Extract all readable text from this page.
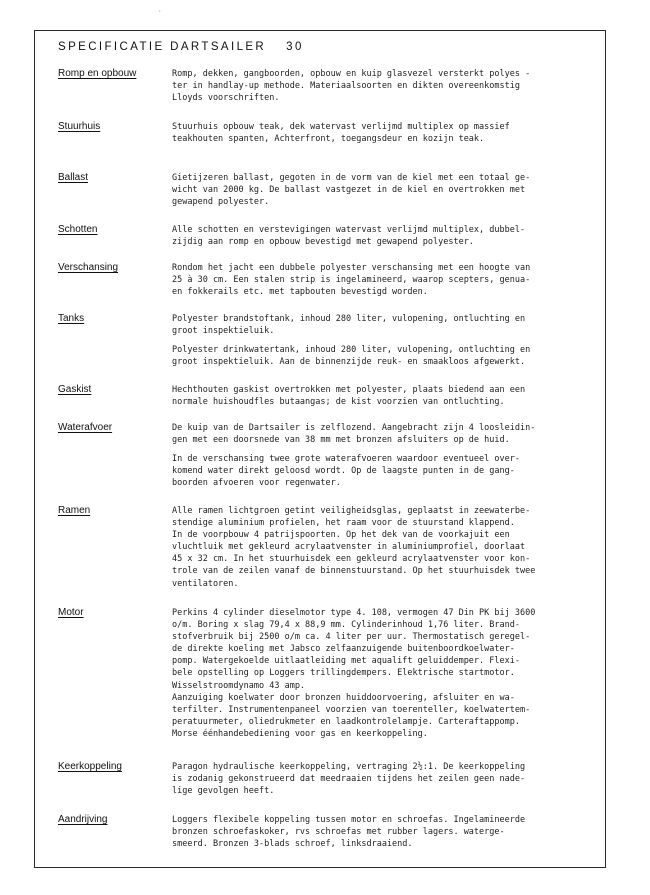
·
SPECIFICATIE DARTSAILER 30
Romp en opbouw	Romp, dekken, gangboorden, opbouw en kuip glasvezel versterkt polyes -
ter in handlay-up methode. Materiaalsoorten en dikten overeenkomstig
Lloyds voorschriften.
Stuurhuis	Stuurhuis opbouw teak, dek watervast verlijmd multiplex op massief
teakhouten spanten, Achterfront, toegangsdeur en kozijn teak.
Ballast	Gietijzeren ballast, gegoten in de vorm van de kiel met een totaal ge-
wicht van 2000 kg. De ballast vastgezet in de kiel en overtrokken met
gewapend polyester.
Schotten	Alle schotten en verstevigingen watervast verlijmd multiplex, dubbel-
zijdig aan romp en opbouw bevestigd met gewapend polyester.
Verschansing	Rondom het jacht een dubbele polyester verschansing met een hoogte van
25 à 30 cm. Een stalen strip is ingelamineerd, waarop scepters, genua-
en fokkerails etc. met tapbouten bevestigd worden.
Tanks	Polyester brandstoftank, inhoud 280 liter, vulopening, ontluchting en
groot inspektieluik.
Polyester drinkwatertank, inhoud 280 liter, vulopening, ontluchting en
groot inspektieluik. Aan de binnenzijde reuk- en smaakloos afgewerkt.
Gaskist	Hechthouten gaskist overtrokken met polyester, plaats biedend aan een
normale huishoudfles butaangas; de kist voorzien van ontluchting.
Waterafvoer	De kuip van de Dartsailer is zelflozend. Aangebracht zijn 4 loosleidin-
gen met een doorsnede van 38 mm met bronzen afsluiters op de huid.
In de verschansing twee grote waterafvoeren waardoor eventueel over-
komend water direkt geloosd wordt. Op de laagste punten in de gang-
boorden afvoeren voor regenwater.
Ramen	Alle ramen lichtgroen getint veiligheidsglas, geplaatst in zeewaterbe-
stendige aluminium profielen, het raam voor de stuurstand klappend.
In de voorpbouw 4 patrijspoorten. Op het dek van de voorkajuit een
vluchtluik met gekleurd acrylaatvenster in aluminiumprofiel, doorlaat
45 x 32 cm. In het stuurhuisdek een gekleurd acrylaatvenster voor kon-
trole van de zeilen vanaf de binnenstuurstand. Op het stuurhuisdek twee
ventilatoren.
Motor	Perkins 4 cylinder dieselmotor type 4. 108, vermogen 47 Din PK bij 3600
o/m. Boring x slag 79,4 x 88,9 mm. Cylinderinhoud 1,76 liter. Brand-
stofverbruik bij 2500 o/m ca. 4 liter per uur. Thermostatisch geregel-
de direkte koeling met Jabsco zelfaanzuigende buitenboordkoelwater-
pomp. Watergekoelde uitlaatleiding met aqualift geluiddemper. Flexi-
bele opstelling op Loggers trillingdempers. Elektrische startmotor.
Wisselstroomdynamo 43 amp.
Aanzuiging koelwater door bronzen huiddoorvoering, afsluiter en wa-
terfilter. Instrumentenpaneel voorzien van toerenteller, koelwatertem-
peratuurmeter, oliedrukmeter en laadkontrolelampje. Carteraftappomp.
Morse éénhandebediening voor gas en keerkoppeling.
Keerkoppeling	Paragon hydraulische keerkoppeling, vertraging 2½:1. De keerkoppeling
is zodanig gekonstrueerd dat meedraaien tijdens het zeilen geen nade-
lige gevolgen heeft.
Aandrijving	Loggers flexibele koppeling tussen motor en schroefas. Ingelamineerde
bronzen schroefaskoker, rvs schroefas met rubber lagers. waterge-
smeerd. Bronzen 3-blads schroef, linksdraaiend.
